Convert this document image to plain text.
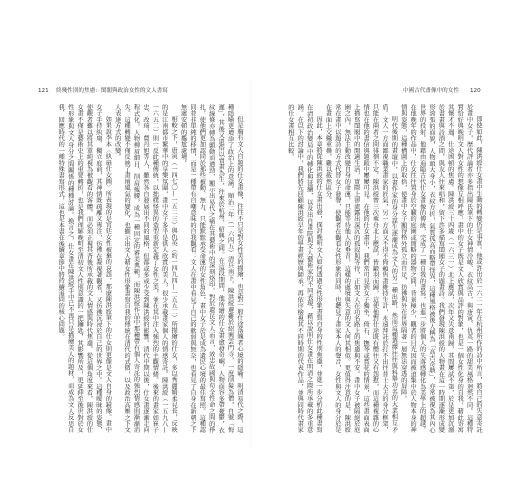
121 終殘性別的焦慮：閨閣與政治女性的文人書寫

但是胸有文人自題的仕女畫像，往往不只是對女性美的描繪，也是對一般仕途落魄者心境的隱喻。明清易代之際，這種隱喻更增添了政治上的意涵。順治二年（一六四五）清兵南下，陳洪綬避難於紹興雲門寺，一度削髮為僧，自號「悔遲」，其後又還俗以賣畫為生，往來於杭州、紹興之間。在這段期間，他所繪的仕女畫愈發奇崛，人物面容多帶憂鬱，衣紋線條亦轉為顫動而遒勁，顯示出易代之痛在其藝術中的深刻烙印。對於遺民文人而言，效忠故國與苟全性命之間的掙扎，使他們更加認同於那些被動、無力、只能默默承受命運的女性角色，畫中女子於是成為遺民心境的最佳寫照。這種認同並非單純的移情，而是一種帶有自嘲意味的自我觀看：文人在畫中看見了自己的軟弱與無奈，也看見了自身在新朝之下無處安頓的尷尬處境。

相較之下，唐寅（一四七〇—一五二三）與仇英（約一四九四—一五五二）所描繪的仕女，多以秀麗嬌柔見長，反映的是江南都市繁華中的享樂氛圍，畫中女子多半是供人欣賞的美人，很少承載畫家個人的情感寄託。陳洪綬（一五九八—一六五二）則一反此種傳統，以拙樸怪異的造型重新定義了女性之美，並在其中注入強烈的主觀情緒。後來的畫家如崔子忠、改琦、費丹旭等人，雖然各自發展出不同的風格，但都或多或少受到陳洪綬的影響。清代中期以後，仕女畫逐漸走向程式化，人物柳眉細目、削肩瘦腰，成為一種固定的審美典範，而陳洪綬作品中那種帶有個人寄託的強烈情感則漸漸消失。這種轉變不僅反映了畫壇風氣的變化，也顯示出文人藉女性形象書寫自我的傳統在清代的式微，以及政治高壓之下文人表達方式的改變。

如果說李本〈紈扇仕女圖〉所表現的是宮廷女性被棄的哀怨，那麼陳洪綬筆下的仕女則更像是文人自身的鏡像。畫中女子手持紈扇、獨立庭前，其神情既疏離又專注，彷彿在凝視著觀者，又彷彿沉浸於自己的世界之中。這種曖昧的姿態，使觀者難以將其單純視為被觀看的客體，而必須正視其背後所承載的文人情感與時代焦慮。從這個角度來看，陳洪綬的仕女畫不僅是藝術史上的重要轉折，也是我們理解晚明至清初文人性別意識的一把鑰匙，其影響所及，更延伸至後世對於女性形象與文人身分之間關係的種種討論。換言之，仕女畫在陳洪綬手中已不再只是描繪美人的題材，而成為文人反思自我、回應時代的一種特殊書寫形式，這也是本書在後續章節中將持續追問的核心問題。

中國古代畫像中的女性 120

即使如此，陳洪綬仕女畫中生動的轉變仍是事實。他或許出於一六二一年在杭州所作的詩中所言，將自己的失意寄託於畫中女子，歷代評論者亦多指出陳氏筆下的仕女神情冷峻、衣紋高古，與唐寅、仇英一路的甜美風格迥然不同。這種特質恰好與晚明文人對女性的想像互相呼應：畫中的女子既是文人欣賞與品評的對象，也是一個女性化身的自我，藉此寄寓其懷才不遇、仕途困頓的焦慮。陳洪綬三十四歲（一六三一）北上應試，次年又失意南歸，其間屢試不第，於是更加沉溺於書畫與詩酒之間，與友人往來唱和，留下許多描寫閨閣女子的題畫詩。我們發現陳洪綬的人物畫在這一時期逐漸形成變形誇張的面貌，人物頭大身小，衣紋方折，氣質孤高而略帶怪異，這種風格被後人稱為「高古奇駭」，亦常被視為其內心世界的投射。他藉由追隨古代仕女畫像的傳統，完成了一種自我的書寫，也進一步將個人的失落感轉化為美學上的超越。在他晚年的作品中，仕女往往置身於空曠的庭園或簡略的器物之間，背景極少，觀者的目光因而被迫集中於人物本身的神情與姿態，這種構圖上的取捨，使畫中女子顯得格外孤立而自足，彷彿與外在世界隔著一層無法穿透的屏障。

明代後期的畫壇中，以畫作家的身分謀生逐漸成為文人的另一種出路，然而這種選擇往往與科舉功名的大業相互矛盾。文人一方面鄙視職業畫家的匠氣，另一方面又不得不倚賴售畫維持生計，永遠拜託於打不出往昔士大夫的身分框架，只能在兩者之間徘徊不定。陳洪綬曾三次乘舟北上應試，皆鎩羽而歸，這使他對仕途既有嚮往又有怨懟，而這種複雜的心情也在他的書信與題跋中屢屢可見。在他的仕女畫中，我們常可見到女子獨坐、倚石、撫琴或賞花的情景，這些畫面表面上描寫閨閣中的閒適生活，實際上卻流露出深沉的孤寂與等待，正如文人在功名路上的焦慮與不安。畫中女子被隔絕於庭園之內，無法主動改變自身的命運，只能等待他人的垂青，這樣的處境與失意的文人何其相似。更值得注意的是，陳洪綬常在畫中以題詩的方式代替女子發聲，使觀者在觀看女性形象的同時，也聽見了畫家本人的聲音，女性與文人的身分於是在畫面上交織重疊，難以截然區分。

因此，本章將從陳洪綬的仕女畫出發，探討晚明文人如何透過女性形象書寫自身的性別焦慮，並進一步分析此種書寫在清初政治變局中的轉化與延續，以及出自畫院與文人藝術家的不同表現，藉以說明仕女畫在明清之際所承載的多重意涵。在以下的討論中，我們將先回顧陳洪綬早年的學畫經歷與師承，再依序檢視其不同時期的代表作品，並與同時代畫家的仕女畫相互比較。
